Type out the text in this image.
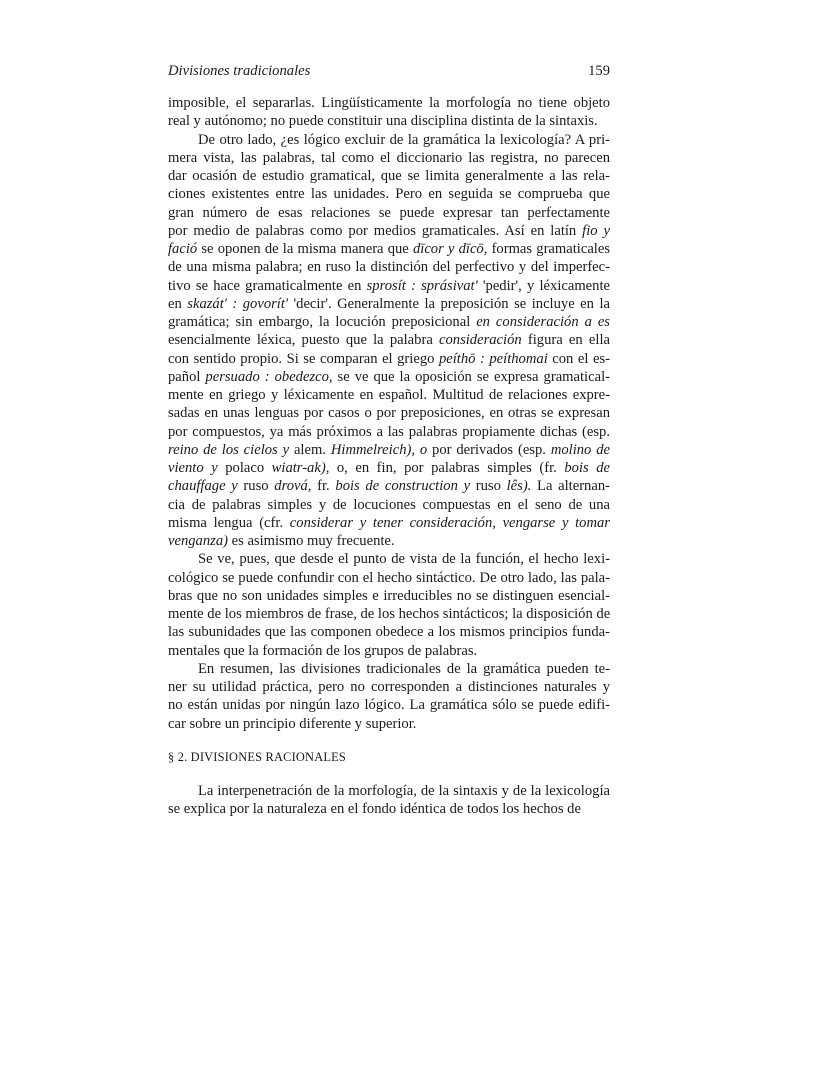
Divisiones tradicionales	159

imposible, el separarlas. Lingüísticamente la morfología no tiene objeto
real y autónomo; no puede constituir una disciplina distinta de la sintaxis.

De otro lado, ¿es lógico excluir de la gramática la lexicología? A pri-
mera vista, las palabras, tal como el diccionario las registra, no parecen
dar ocasión de estudio gramatical, que se limita generalmente a las rela-
ciones existentes entre las unidades. Pero en seguida se comprueba que
gran número de esas relaciones se puede expresar tan perfectamente
por medio de palabras como por medios gramaticales. Así en latín fio y
fació se oponen de la misma manera que dīcor y dīcō, formas gramaticales
de una misma palabra; en ruso la distinción del perfectivo y del imperfec-
tivo se hace gramaticalmente en sprosít : sprásivat' 'pedir', y léxicamente
en skazát' : govorít' 'decir'. Generalmente la preposición se incluye en la
gramática; sin embargo, la locución preposicional en consideración a es
esencialmente léxica, puesto que la palabra consideración figura en ella
con sentido propio. Si se comparan el griego peíthō : peíthomai con el es-
pañol persuado : obedezco, se ve que la oposición se expresa gramatical-
mente en griego y léxicamente en español. Multitud de relaciones expre-
sadas en unas lenguas por casos o por preposiciones, en otras se expresan
por compuestos, ya más próximos a las palabras propiamente dichas (esp.
reino de los cielos y alem. Himmelreich), o por derivados (esp. molino de
viento y polaco wiatr-ak), o, en fin, por palabras simples (fr. bois de
chauffage y ruso drová, fr. bois de construction y ruso lês). La alternan-
cia de palabras simples y de locuciones compuestas en el seno de una
misma lengua (cfr. considerar y tener consideración, vengarse y tomar
venganza) es asimismo muy frecuente.

Se ve, pues, que desde el punto de vista de la función, el hecho lexi-
cológico se puede confundir con el hecho sintáctico. De otro lado, las pala-
bras que no son unidades simples e irreducibles no se distinguen esencial-
mente de los miembros de frase, de los hechos sintácticos; la disposición de
las subunidades que las componen obedece a los mismos principios funda-
mentales que la formación de los grupos de palabras.

En resumen, las divisiones tradicionales de la gramática pueden te-
ner su utilidad práctica, pero no corresponden a distinciones naturales y
no están unidas por ningún lazo lógico. La gramática sólo se puede edifi-
car sobre un principio diferente y superior.

§ 2. DIVISIONES RACIONALES

La interpenetración de la morfología, de la sintaxis y de la lexicología
se explica por la naturaleza en el fondo idéntica de todos los hechos de
